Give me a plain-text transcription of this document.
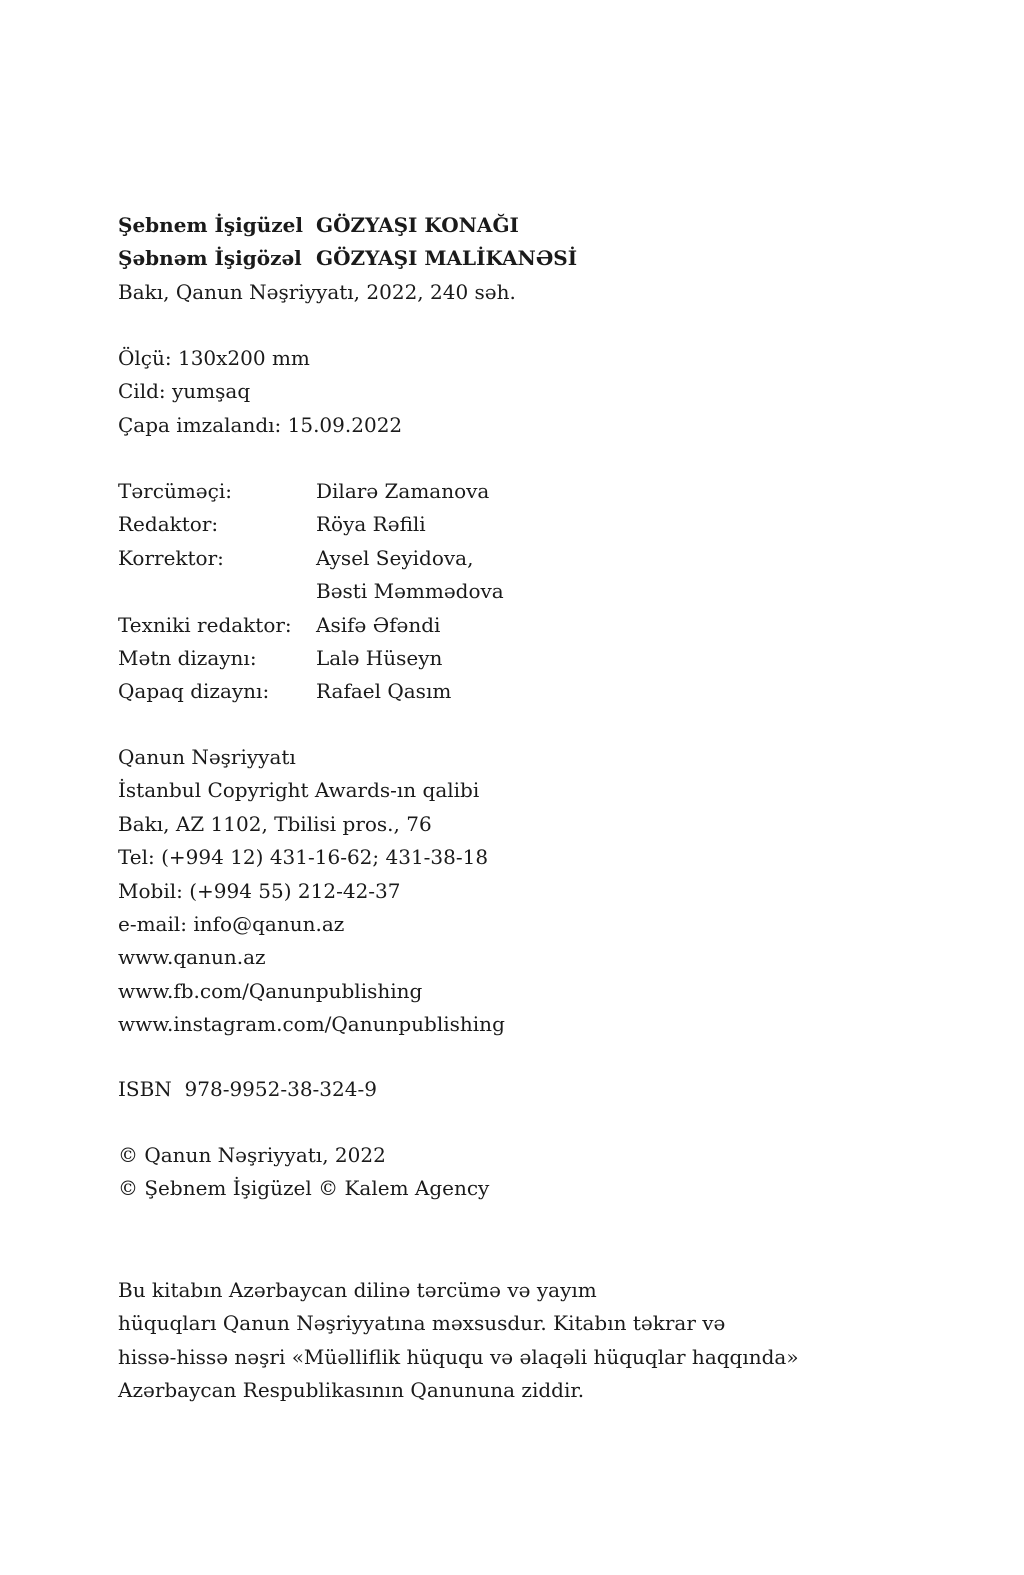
Şebnem İşigüzel GÖZYAŞI KONAĞI
Şəbnəm İşigözəl GÖZYAŞI MALİKANƏSİ
Bakı, Qanun Nəşriyyatı, 2022, 240 səh.
Ölçü: 130x200 mm
Cild: yumşaq
Çapa imzalandı: 15.09.2022
Tərcüməçi:	Dilarə Zamanova
Redaktor:	Röya Rəfili
Korrektor:	Aysel Seyidova,
Bəsti Məmmədova
Texniki redaktor:	Asifə Əfəndi
Mətn dizaynı:	Lalə Hüseyn
Qapaq dizaynı:	Rafael Qasım
Qanun Nəşriyyatı
İstanbul Copyright Awards-ın qalibi
Bakı, AZ 1102, Tbilisi pros., 76
Tel: (+994 12) 431-16-62; 431-38-18
Mobil: (+994 55) 212-42-37
e-mail: info@qanun.az
www.qanun.az
www.fb.com/Qanunpublishing
www.instagram.com/Qanunpublishing
ISBN  978-9952-38-324-9
© Qanun Nəşriyyatı, 2022
© Şebnem İşigüzel © Kalem Agency
Bu kitabın Azərbaycan dilinə tərcümə və yayım
hüquqları Qanun Nəşriyyatına məxsusdur. Kitabın təkrar və
hissə-hissə nəşri «Müəlliflik hüququ və əlaqəli hüquqlar haqqında»
Azərbaycan Respublikasının Qanununa ziddir.
